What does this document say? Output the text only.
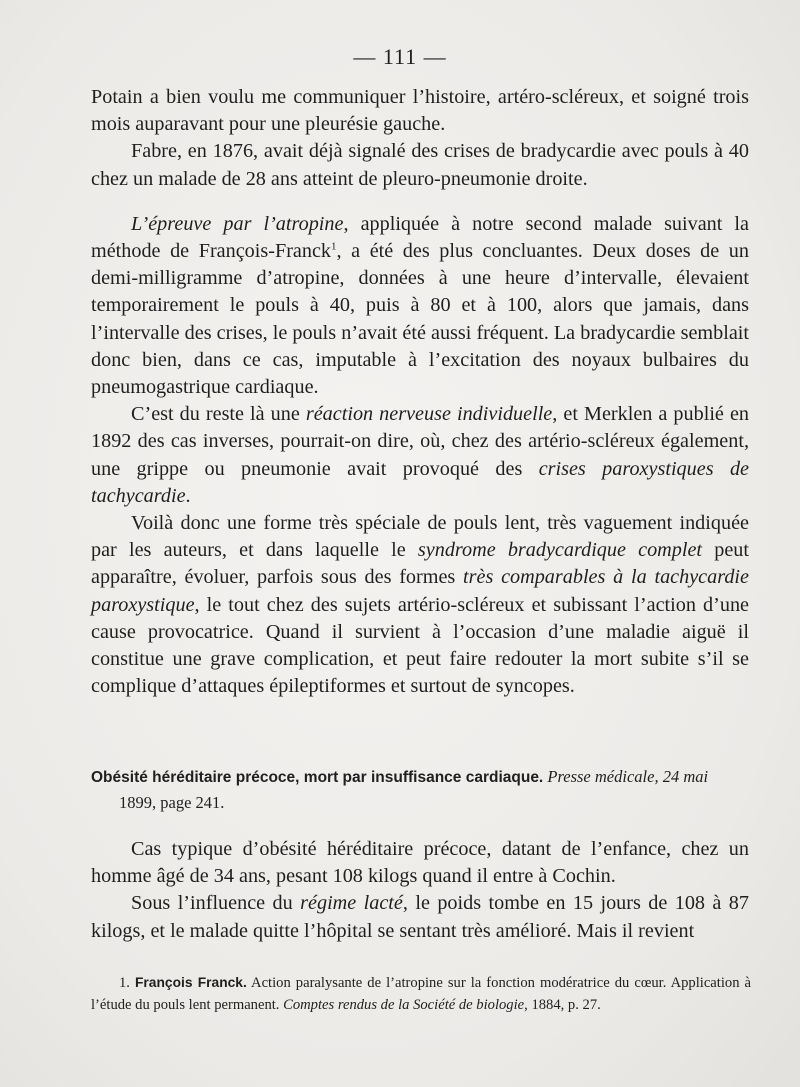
— 111 —

Potain a bien voulu me communiquer l’histoire, artéro-scléreux, et soigné trois mois auparavant pour une pleurésie gauche.

Fabre, en 1876, avait déjà signalé des crises de bradycardie avec pouls à 40 chez un malade de 28 ans atteint de pleuro-pneumonie droite.

L’épreuve par l’atropine, appliquée à notre second malade suivant la méthode de François-Franck$^1$, a été des plus concluantes. Deux doses de un demi-milligramme d’atropine, données à une heure d’intervalle, élevaient temporairement le pouls à 40, puis à 80 et à 100, alors que jamais, dans l’intervalle des crises, le pouls n’avait été aussi fréquent. La bradycardie semblait donc bien, dans ce cas, imputable à l’excitation des noyaux bulbaires du pneumogastrique cardiaque.

C’est du reste là une réaction nerveuse individuelle, et Merklen a publié en 1892 des cas inverses, pourrait-on dire, où, chez des artério-scléreux également, une grippe ou pneumonie avait provoqué des crises paroxystiques de tachycardie.

Voilà donc une forme très spéciale de pouls lent, très vaguement indiquée par les auteurs, et dans laquelle le syndrome bradycardique complet peut apparaître, évoluer, parfois sous des formes très comparables à la tachycardie paroxystique, le tout chez des sujets artério-scléreux et subissant l’action d’une cause provocatrice. Quand il survient à l’occasion d’une maladie aiguë il constitue une grave complication, et peut faire redouter la mort subite s’il se complique d’attaques épileptiformes et surtout de syncopes.

Obésité héréditaire précoce, mort par insuffisance cardiaque. Presse médicale, 24 mai
1899, page 241.

Cas typique d’obésité héréditaire précoce, datant de l’enfance, chez un homme âgé de 34 ans, pesant 108 kilogs quand il entre à Cochin.

Sous l’influence du régime lacté, le poids tombe en 15 jours de 108 à 87 kilogs, et le malade quitte l’hôpital se sentant très amélioré. Mais il revient

1. François Franck. Action paralysante de l’atropine sur la fonction modératrice du cœur. Application à l’étude du pouls lent permanent. Comptes rendus de la Société de biologie, 1884, p. 27.
